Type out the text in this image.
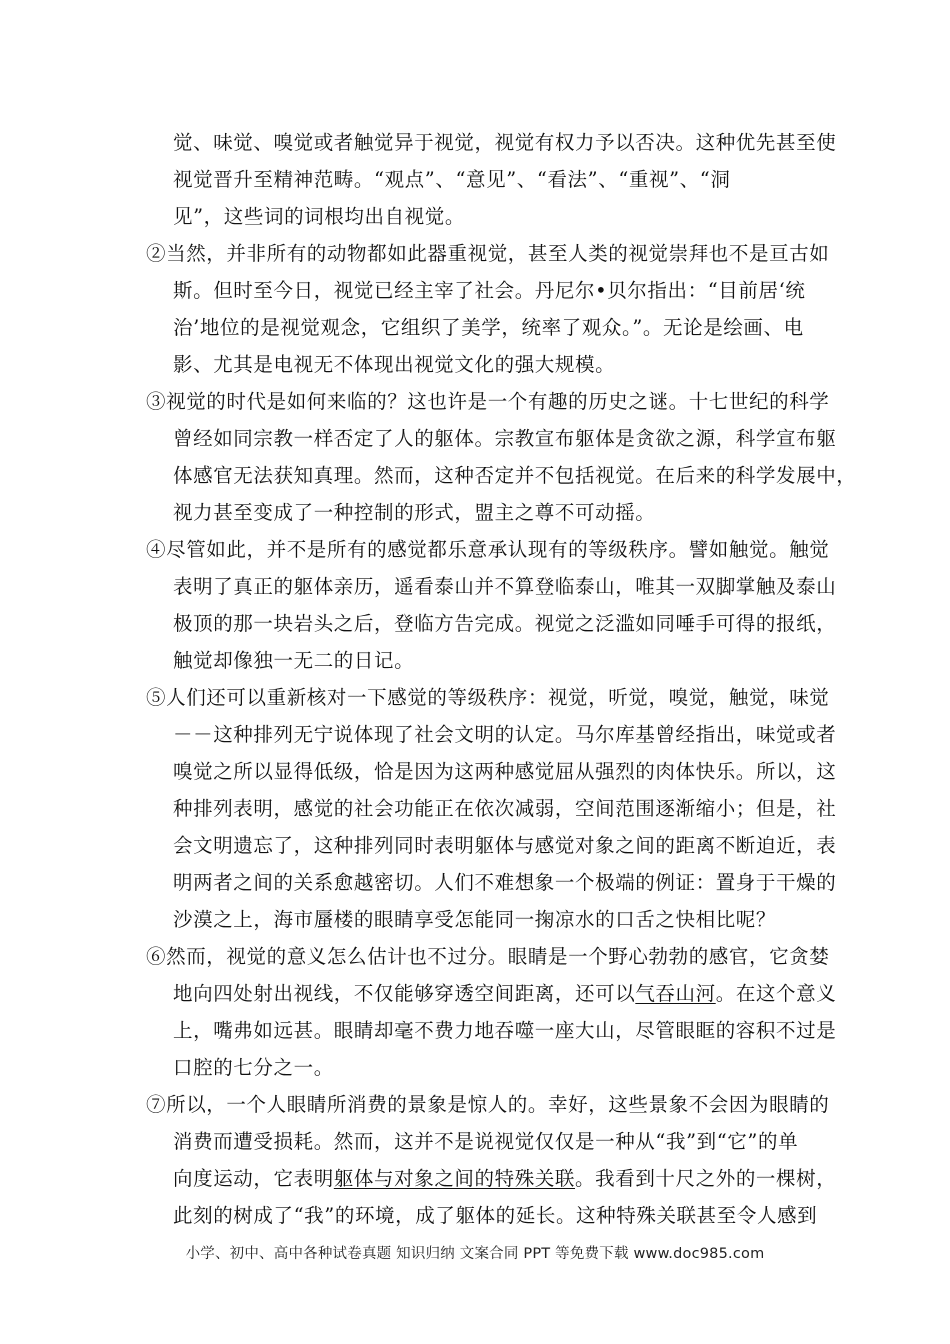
觉、味觉、嗅觉或者触觉异于视觉，视觉有权力予以否决。这种优先甚至使
视觉晋升至精神范畴。“观点”、“意见”、“看法”、“重视”、“洞
见”，这些词的词根均出自视觉。
②当然，并非所有的动物都如此器重视觉，甚至人类的视觉崇拜也不是亘古如
斯。但时至今日，视觉已经主宰了社会。丹尼尔•贝尔指出：“目前居‘统
治’地位的是视觉观念，它组织了美学，统率了观众。”。无论是绘画、电
影、尤其是电视无不体现出视觉文化的强大规模。
③视觉的时代是如何来临的？这也许是一个有趣的历史之谜。十七世纪的科学
曾经如同宗教一样否定了人的躯体。宗教宣布躯体是贪欲之源，科学宣布躯
体感官无法获知真理。然而，这种否定并不包括视觉。在后来的科学发展中，
视力甚至变成了一种控制的形式，盟主之尊不可动摇。
④尽管如此，并不是所有的感觉都乐意承认现有的等级秩序。譬如触觉。触觉
表明了真正的躯体亲历，遥看泰山并不算登临泰山，唯其一双脚掌触及泰山
极顶的那一块岩头之后，登临方告完成。视觉之泛滥如同唾手可得的报纸，
触觉却像独一无二的日记。
⑤人们还可以重新核对一下感觉的等级秩序：视觉，听觉，嗅觉，触觉，味觉
－－这种排列无宁说体现了社会文明的认定。马尔库基曾经指出，味觉或者
嗅觉之所以显得低级，恰是因为这两种感觉屈从强烈的肉体快乐。所以，这
种排列表明，感觉的社会功能正在依次减弱，空间范围逐渐缩小；但是，社
会文明遗忘了，这种排列同时表明躯体与感觉对象之间的距离不断迫近，表
明两者之间的关系愈越密切。人们不难想象一个极端的例证：置身于干燥的
沙漠之上，海市蜃楼的眼睛享受怎能同一掬凉水的口舌之快相比呢？
⑥然而，视觉的意义怎么估计也不过分。眼睛是一个野心勃勃的感官，它贪婪
地向四处射出视线，不仅能够穿透空间距离，还可以气吞山河。在这个意义
上，嘴弗如远甚。眼睛却毫不费力地吞噬一座大山，尽管眼眶的容积不过是
口腔的七分之一。
⑦所以，一个人眼睛所消费的景象是惊人的。幸好，这些景象不会因为眼睛的
消费而遭受损耗。然而，这并不是说视觉仅仅是一种从“我”到“它”的单
向度运动，它表明躯体与对象之间的特殊关联。我看到十尺之外的一棵树，
此刻的树成了“我”的环境，成了躯体的延长。这种特殊关联甚至令人感到
小学、初中、高中各种试卷真题 知识归纳 文案合同 PPT 等免费下载 www.doc985.com
